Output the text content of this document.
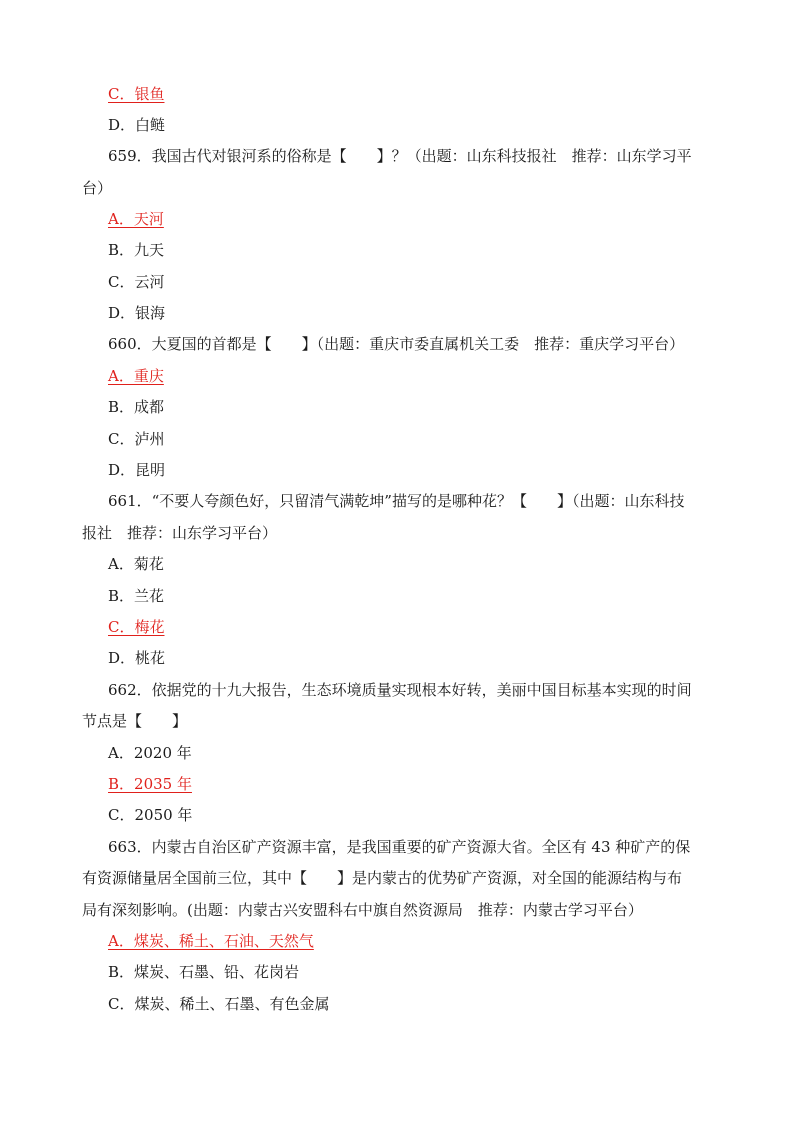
C．银鱼
D．白鲢
659．我国古代对银河系的俗称是【　　】？（出题：山东科技报社　推荐：山东学习平
台）
A．天河
B．九天
C．云河
D．银海
660．大夏国的首都是【　　】（出题：重庆市委直属机关工委　推荐：重庆学习平台）
A．重庆
B．成都
C．泸州
D．昆明
661．“不要人夸颜色好，只留清气满乾坤”描写的是哪种花？【　　】（出题：山东科技
报社　推荐：山东学习平台）
A．菊花
B．兰花
C．梅花
D．桃花
662．依据党的十九大报告，生态环境质量实现根本好转，美丽中国目标基本实现的时间
节点是【　　】
A．2020 年
B．2035 年
C．2050 年
663．内蒙古自治区矿产资源丰富，是我国重要的矿产资源大省。全区有 43 种矿产的保
有资源储量居全国前三位，其中【　　】是内蒙古的优势矿产资源，对全国的能源结构与布
局有深刻影响。(出题：内蒙古兴安盟科右中旗自然资源局　推荐：内蒙古学习平台）
A．煤炭、稀土、石油、天然气
B．煤炭、石墨、铅、花岗岩
C．煤炭、稀土、石墨、有色金属
